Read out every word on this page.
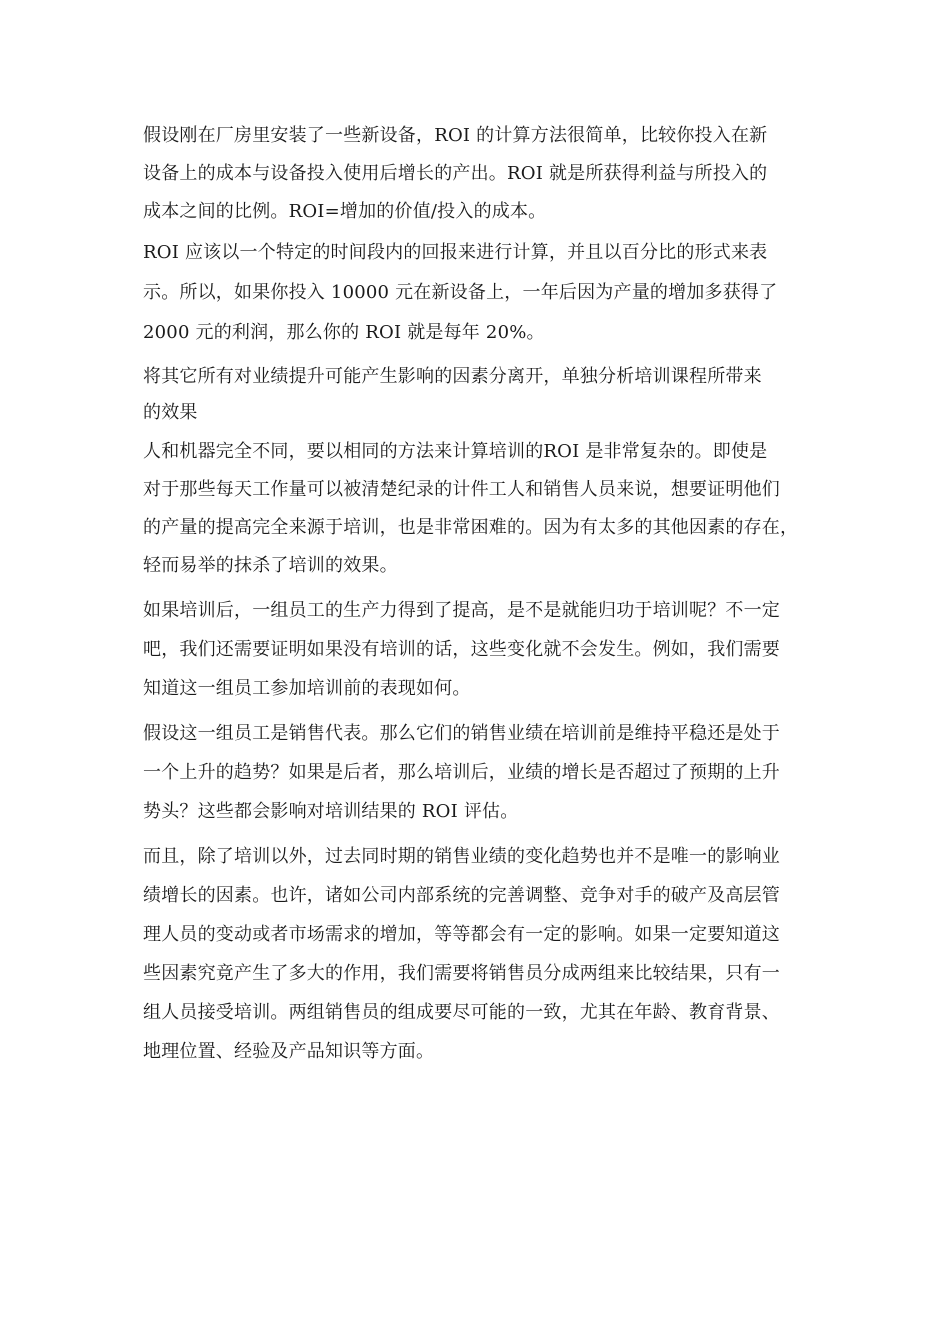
假设刚在厂房里安装了一些新设备，ROI 的计算方法很简单，比较你投入在新
设备上的成本与设备投入使用后增长的产出。ROI 就是所获得利益与所投入的
成本之间的比例。ROI=增加的价值/投入的成本。

ROI 应该以一个特定的时间段内的回报来进行计算，并且以百分比的形式来表
示。所以，如果你投入 10000 元在新设备上，一年后因为产量的增加多获得了
2000 元的利润，那么你的 ROI 就是每年 20%。

将其它所有对业绩提升可能产生影响的因素分离开，单独分析培训课程所带来
的效果

人和机器完全不同，要以相同的方法来计算培训的ROI 是非常复杂的。即使是
对于那些每天工作量可以被清楚纪录的计件工人和销售人员来说，想要证明他们
的产量的提高完全来源于培训，也是非常困难的。因为有太多的其他因素的存在，
轻而易举的抹杀了培训的效果。

如果培训后，一组员工的生产力得到了提高，是不是就能归功于培训呢？不一定
吧，我们还需要证明如果没有培训的话，这些变化就不会发生。例如，我们需要
知道这一组员工参加培训前的表现如何。

假设这一组员工是销售代表。那么它们的销售业绩在培训前是维持平稳还是处于
一个上升的趋势？如果是后者，那么培训后，业绩的增长是否超过了预期的上升
势头？这些都会影响对培训结果的 ROI 评估。

而且，除了培训以外，过去同时期的销售业绩的变化趋势也并不是唯一的影响业
绩增长的因素。也许，诸如公司内部系统的完善调整、竞争对手的破产及高层管
理人员的变动或者市场需求的增加，等等都会有一定的影响。如果一定要知道这
些因素究竟产生了多大的作用，我们需要将销售员分成两组来比较结果，只有一
组人员接受培训。两组销售员的组成要尽可能的一致，尤其在年龄、教育背景、
地理位置、经验及产品知识等方面。
